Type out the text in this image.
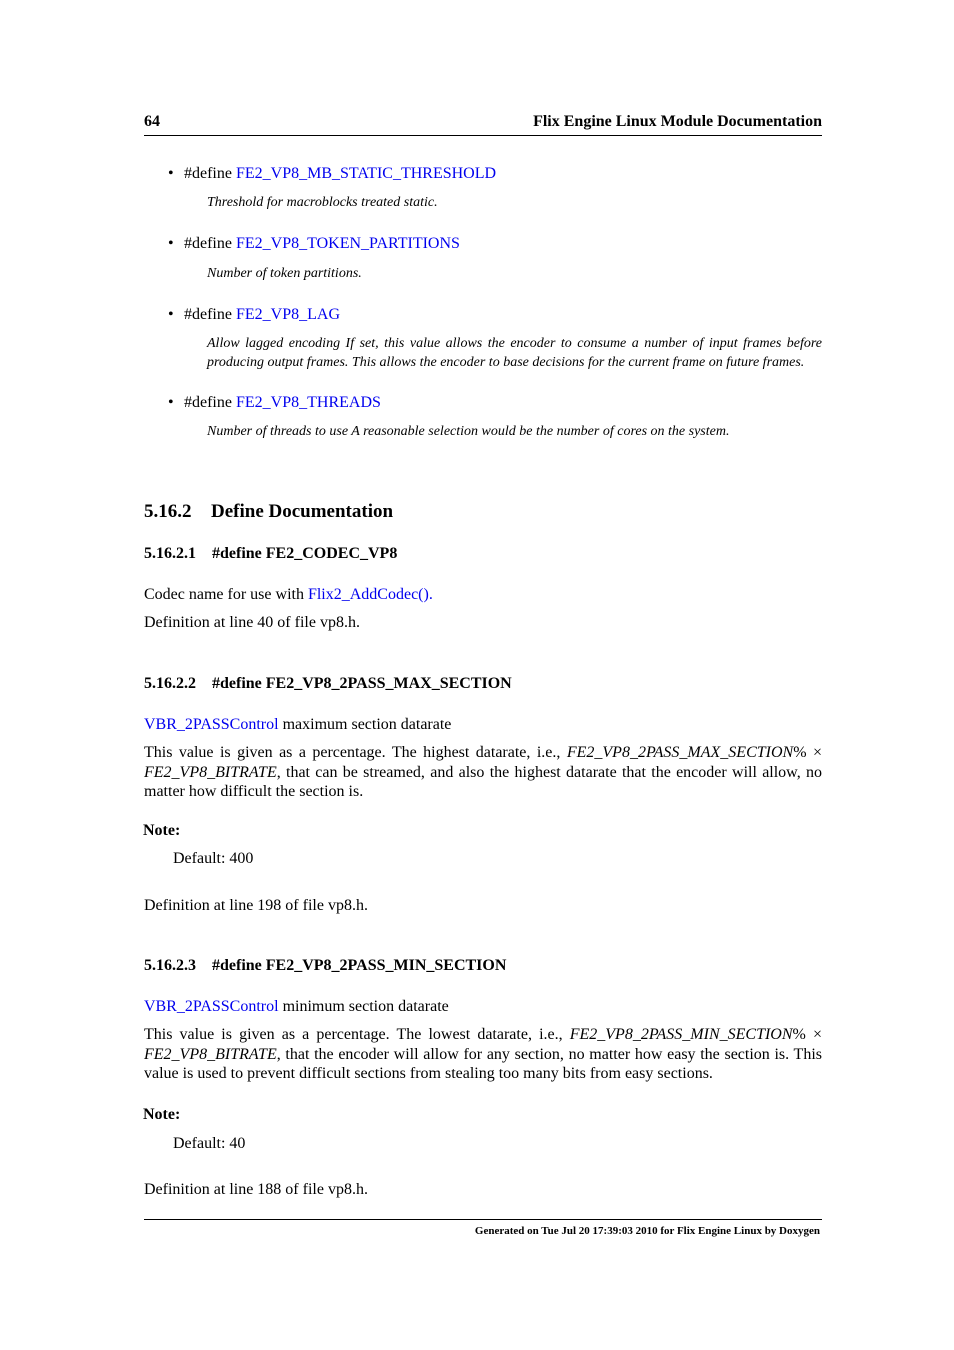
64	Flix Engine Linux Module Documentation
• #define FE2_VP8_MB_STATIC_THRESHOLD
Threshold for macroblocks treated static.
• #define FE2_VP8_TOKEN_PARTITIONS
Number of token partitions.
• #define FE2_VP8_LAG
Allow lagged encoding If set, this value allows the encoder to consume a number of input frames before producing output frames. This allows the encoder to base decisions for the current frame on future frames.
• #define FE2_VP8_THREADS
Number of threads to use A reasonable selection would be the number of cores on the system.
5.16.2 Define Documentation
5.16.2.1 #define FE2_CODEC_VP8
Codec name for use with Flix2_AddCodec().
Definition at line 40 of file vp8.h.
5.16.2.2 #define FE2_VP8_2PASS_MAX_SECTION
VBR_2PASSControl maximum section datarate
This value is given as a percentage. The highest datarate, i.e., FE2_VP8_2PASS_MAX_SECTION% × FE2_VP8_BITRATE, that can be streamed, and also the highest datarate that the encoder will allow, no matter how difficult the section is.
Note:
Default: 400
Definition at line 198 of file vp8.h.
5.16.2.3 #define FE2_VP8_2PASS_MIN_SECTION
VBR_2PASSControl minimum section datarate
This value is given as a percentage. The lowest datarate, i.e., FE2_VP8_2PASS_MIN_SECTION% × FE2_VP8_BITRATE, that the encoder will allow for any section, no matter how easy the section is. This value is used to prevent difficult sections from stealing too many bits from easy sections.
Note:
Default: 40
Definition at line 188 of file vp8.h.
Generated on Tue Jul 20 17:39:03 2010 for Flix Engine Linux by Doxygen
